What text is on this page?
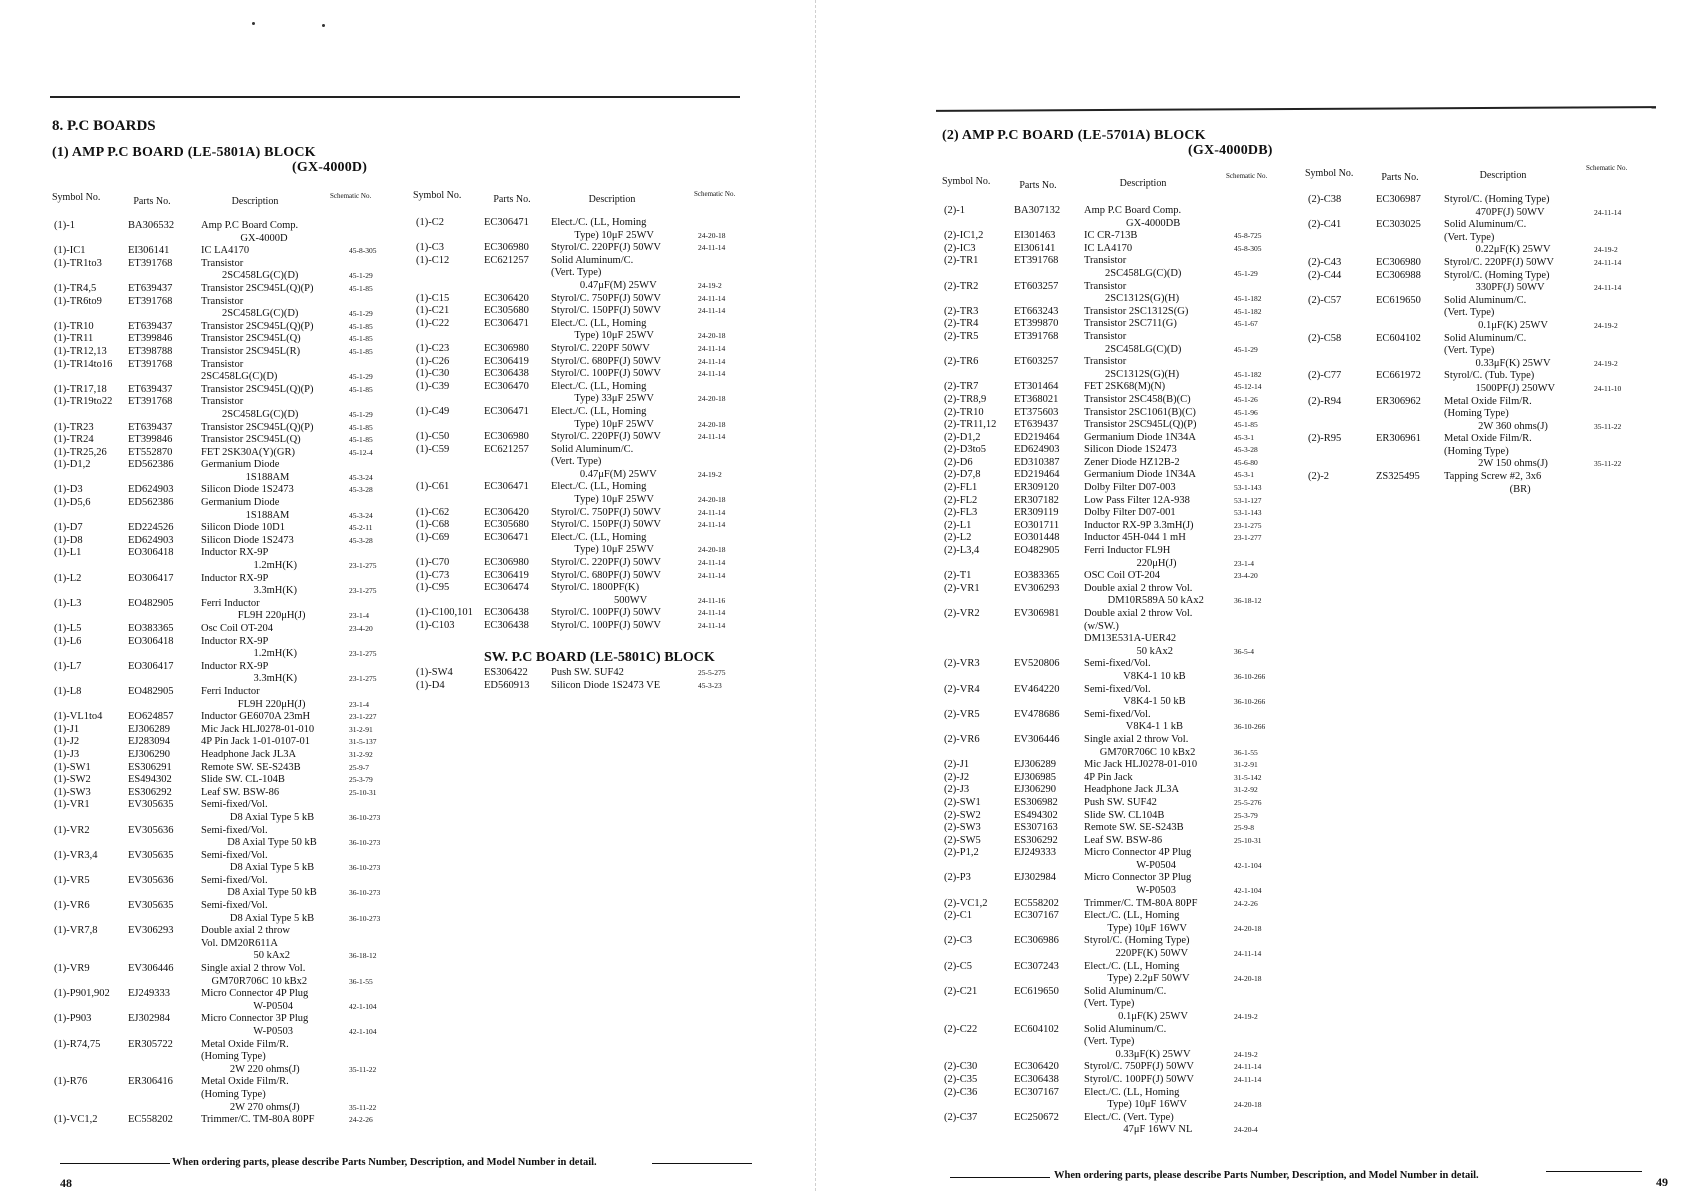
8. P.C BOARDS
(1) AMP P.C BOARD (LE-5801A) BLOCK
(GX-4000D)
Symbol No.	Parts No.	Description	Schematic No.	Symbol No.	Parts No.	Description	Schematic No.
(1)-1	BA306532	Amp P.C Board Comp.
GX-4000D
(1)-IC1	EI306141	IC LA4170	45-8-305
(1)-TR1to3	ET391768	Transistor
2SC458LG(C)(D)	45-1-29
(1)-TR4,5	ET639437	Transistor 2SC945L(Q)(P)	45-1-85
(1)-TR6to9	ET391768	Transistor
2SC458LG(C)(D)	45-1-29
(1)-TR10	ET639437	Transistor 2SC945L(Q)(P)	45-1-85
(1)-TR11	ET399846	Transistor 2SC945L(Q)	45-1-85
(1)-TR12,13	ET398788	Transistor 2SC945L(R)	45-1-85
(1)-TR14to16	ET391768	Transistor
2SC458LG(C)(D)	45-1-29
(1)-TR17,18	ET639437	Transistor 2SC945L(Q)(P)	45-1-85
(1)-TR19to22	ET391768	Transistor
2SC458LG(C)(D)	45-1-29
(1)-TR23	ET639437	Transistor 2SC945L(Q)(P)	45-1-85
(1)-TR24	ET399846	Transistor 2SC945L(Q)	45-1-85
(1)-TR25,26	ET552870	FET 2SK30A(Y)(GR)	45-12-4
(1)-D1,2	ED562386	Germanium Diode
1S188AM	45-3-24
(1)-D3	ED624903	Silicon Diode 1S2473	45-3-28
(1)-D5,6	ED562386	Germanium Diode
1S188AM	45-3-24
(1)-D7	ED224526	Silicon Diode 10D1	45-2-11
(1)-D8	ED624903	Silicon Diode 1S2473	45-3-28
(1)-L1	EO306418	Inductor RX-9P
1.2mH(K)	23-1-275
(1)-L2	EO306417	Inductor RX-9P
3.3mH(K)	23-1-275
(1)-L3	EO482905	Ferri Inductor
FL9H 220μH(J)	23-1-4
(1)-L5	EO383365	Osc Coil OT-204	23-4-20
(1)-L6	EO306418	Inductor RX-9P
1.2mH(K)	23-1-275
(1)-L7	EO306417	Inductor RX-9P
3.3mH(K)	23-1-275
(1)-L8	EO482905	Ferri Inductor
FL9H 220μH(J)	23-1-4
(1)-VL1to4	EO624857	Inductor GE6070A 23mH	23-1-227
(1)-J1	EJ306289	Mic Jack HLJ0278-01-010	31-2-91
(1)-J2	EJ283094	4P Pin Jack 1-01-0107-01	31-5-137
(1)-J3	EJ306290	Headphone Jack JL3A	31-2-92
(1)-SW1	ES306291	Remote SW. SE-S243B	25-9-7
(1)-SW2	ES494302	Slide SW. CL-104B	25-3-79
(1)-SW3	ES306292	Leaf SW. BSW-86	25-10-31
(1)-VR1	EV305635	Semi-fixed/Vol.
D8 Axial Type 5 kB	36-10-273
(1)-VR2	EV305636	Semi-fixed/Vol.
D8 Axial Type 50 kB	36-10-273
(1)-VR3,4	EV305635	Semi-fixed/Vol.
D8 Axial Type 5 kB	36-10-273
(1)-VR5	EV305636	Semi-fixed/Vol.
D8 Axial Type 50 kB	36-10-273
(1)-VR6	EV305635	Semi-fixed/Vol.
D8 Axial Type 5 kB	36-10-273
(1)-VR7,8	EV306293	Double axial 2 throw
Vol. DM20R611A
50 kAx2	36-18-12
(1)-VR9	EV306446	Single axial 2 throw Vol.
GM70R706C 10 kBx2	36-1-55
(1)-P901,902	EJ249333	Micro Connector 4P Plug
W-P0504	42-1-104
(1)-P903	EJ302984	Micro Connector 3P Plug
W-P0503	42-1-104
(1)-R74,75	ER305722	Metal Oxide Film/R.
(Homing Type)
2W 220 ohms(J)	35-11-22
(1)-R76	ER306416	Metal Oxide Film/R.
(Homing Type)
2W 270 ohms(J)	35-11-22
(1)-VC1,2	EC558202	Trimmer/C. TM-80A 80PF	24-2-26
(1)-C2	EC306471	Elect./C. (LL, Homing
Type) 10μF 25WV	24-20-18
(1)-C3	EC306980	Styrol/C. 220PF(J) 50WV	24-11-14
(1)-C12	EC621257	Solid Aluminum/C.
(Vert. Type)
0.47μF(M) 25WV	24-19-2
(1)-C15	EC306420	Styrol/C. 750PF(J) 50WV	24-11-14
(1)-C21	EC305680	Styrol/C. 150PF(J) 50WV	24-11-14
(1)-C22	EC306471	Elect./C. (LL, Homing
Type) 10μF 25WV	24-20-18
(1)-C23	EC306980	Styrol/C. 220PF 50WV	24-11-14
(1)-C26	EC306419	Styrol/C. 680PF(J) 50WV	24-11-14
(1)-C30	EC306438	Styrol/C. 100PF(J) 50WV	24-11-14
(1)-C39	EC306470	Elect./C. (LL, Homing
Type) 33μF 25WV	24-20-18
(1)-C49	EC306471	Elect./C. (LL, Homing
Type) 10μF 25WV	24-20-18
(1)-C50	EC306980	Styrol/C. 220PF(J) 50WV	24-11-14
(1)-C59	EC621257	Solid Aluminum/C.
(Vert. Type)
0.47μF(M) 25WV	24-19-2
(1)-C61	EC306471	Elect./C. (LL, Homing
Type) 10μF 25WV	24-20-18
(1)-C62	EC306420	Styrol/C. 750PF(J) 50WV	24-11-14
(1)-C68	EC305680	Styrol/C. 150PF(J) 50WV	24-11-14
(1)-C69	EC306471	Elect./C. (LL, Homing
Type) 10μF 25WV	24-20-18
(1)-C70	EC306980	Styrol/C. 220PF(J) 50WV	24-11-14
(1)-C73	EC306419	Styrol/C. 680PF(J) 50WV	24-11-14
(1)-C95	EC306474	Styrol/C. 1800PF(K)
500WV	24-11-16
(1)-C100,101	EC306438	Styrol/C. 100PF(J) 50WV	24-11-14
(1)-C103	EC306438	Styrol/C. 100PF(J) 50WV	24-11-14
SW. P.C BOARD (LE-5801C) BLOCK
(1)-SW4	ES306422	Push SW. SUF42	25-5-275
(1)-D4	ED560913	Silicon Diode 1S2473 VE	45-3-23
When ordering parts, please describe Parts Number, Description, and Model Number in detail.
48
(2) AMP P.C BOARD (LE-5701A) BLOCK
(GX-4000DB)
Symbol No.	Parts No.	Description
Schematic No.	Symbol No.	Parts No.	Description
Schematic No.
(2)-1	BA307132	Amp P.C Board Comp.
GX-4000DB
(2)-IC1,2	EI301463	IC CR-713B	45-8-725
(2)-IC3	EI306141	IC LA4170	45-8-305
(2)-TR1	ET391768	Transistor
2SC458LG(C)(D)	45-1-29
(2)-TR2	ET603257	Transistor
2SC1312S(G)(H)	45-1-182
(2)-TR3	ET663243	Transistor 2SC1312S(G)	45-1-182
(2)-TR4	ET399870	Transistor 2SC711(G)	45-1-67
(2)-TR5	ET391768	Transistor
2SC458LG(C)(D)	45-1-29
(2)-TR6	ET603257	Transistor
2SC1312S(G)(H)	45-1-182
(2)-TR7	ET301464	FET 2SK68(M)(N)	45-12-14
(2)-TR8,9	ET368021	Transistor 2SC458(B)(C)	45-1-26
(2)-TR10	ET375603	Transistor 2SC1061(B)(C)	45-1-96
(2)-TR11,12	ET639437	Transistor 2SC945L(Q)(P)	45-1-85
(2)-D1,2	ED219464	Germanium Diode 1N34A	45-3-1
(2)-D3to5	ED624903	Silicon Diode 1S2473	45-3-28
(2)-D6	ED310387	Zener Diode HZ12B-2	45-6-80
(2)-D7,8	ED219464	Germanium Diode 1N34A	45-3-1
(2)-FL1	ER309120	Dolby Filter D07-003	53-1-143
(2)-FL2	ER307182	Low Pass Filter 12A-938	53-1-127
(2)-FL3	ER309119	Dolby Filter D07-001	53-1-143
(2)-L1	EO301711	Inductor RX-9P 3.3mH(J)	23-1-275
(2)-L2	EO301448	Inductor 45H-044 1 mH	23-1-277
(2)-L3,4	EO482905	Ferri Inductor FL9H
220μH(J)	23-1-4
(2)-T1	EO383365	OSC Coil OT-204	23-4-20
(2)-VR1	EV306293	Double axial 2 throw Vol.
DM10R589A 50 kAx2	36-18-12
(2)-VR2	EV306981	Double axial 2 throw Vol.
(w/SW.)
DM13E531A-UER42
50 kAx2	36-5-4
(2)-VR3	EV520806	Semi-fixed/Vol.
V8K4-1 10 kB	36-10-266
(2)-VR4	EV464220	Semi-fixed/Vol.
V8K4-1 50 kB	36-10-266
(2)-VR5	EV478686	Semi-fixed/Vol.
V8K4-1 1 kB	36-10-266
(2)-VR6	EV306446	Single axial 2 throw Vol.
GM70R706C 10 kBx2	36-1-55
(2)-J1	EJ306289	Mic Jack HLJ0278-01-010	31-2-91
(2)-J2	EJ306985	4P Pin Jack	31-5-142
(2)-J3	EJ306290	Headphone Jack JL3A	31-2-92
(2)-SW1	ES306982	Push SW. SUF42	25-5-276
(2)-SW2	ES494302	Slide SW. CL104B	25-3-79
(2)-SW3	ES307163	Remote SW. SE-S243B	25-9-8
(2)-SW5	ES306292	Leaf SW. BSW-86	25-10-31
(2)-P1,2	EJ249333	Micro Connector 4P Plug
W-P0504	42-1-104
(2)-P3	EJ302984	Micro Connector 3P Plug
W-P0503	42-1-104
(2)-VC1,2	EC558202	Trimmer/C. TM-80A 80PF	24-2-26
(2)-C1	EC307167	Elect./C. (LL, Homing
Type) 10μF 16WV	24-20-18
(2)-C3	EC306986	Styrol/C. (Homing Type)
220PF(K) 50WV	24-11-14
(2)-C5	EC307243	Elect./C. (LL, Homing
Type) 2.2μF 50WV	24-20-18
(2)-C21	EC619650	Solid Aluminum/C.
(Vert. Type)
0.1μF(K) 25WV	24-19-2
(2)-C22	EC604102	Solid Aluminum/C.
(Vert. Type)
0.33μF(K) 25WV	24-19-2
(2)-C30	EC306420	Styrol/C. 750PF(J) 50WV	24-11-14
(2)-C35	EC306438	Styrol/C. 100PF(J) 50WV	24-11-14
(2)-C36	EC307167	Elect./C. (LL, Homing
Type) 10μF 16WV	24-20-18
(2)-C37	EC250672	Elect./C. (Vert. Type)
47μF 16WV NL	24-20-4
(2)-C38	EC306987	Styrol/C. (Homing Type)
470PF(J) 50WV	24-11-14
(2)-C41	EC303025	Solid Aluminum/C.
(Vert. Type)
0.22μF(K) 25WV	24-19-2
(2)-C43	EC306980	Styrol/C. 220PF(J) 50WV	24-11-14
(2)-C44	EC306988	Styrol/C. (Homing Type)
330PF(J) 50WV	24-11-14
(2)-C57	EC619650	Solid Aluminum/C.
(Vert. Type)
0.1μF(K) 25WV	24-19-2
(2)-C58	EC604102	Solid Aluminum/C.
(Vert. Type)
0.33μF(K) 25WV	24-19-2
(2)-C77	EC661972	Styrol/C. (Tub. Type)
1500PF(J) 250WV	24-11-10
(2)-R94	ER306962	Metal Oxide Film/R.
(Homing Type)
2W 360 ohms(J)	35-11-22
(2)-R95	ER306961	Metal Oxide Film/R.
(Homing Type)
2W 150 ohms(J)	35-11-22
(2)-2	ZS325495	Tapping Screw #2, 3x6
(BR)
When ordering parts, please describe Parts Number, Description, and Model Number in detail.	49
